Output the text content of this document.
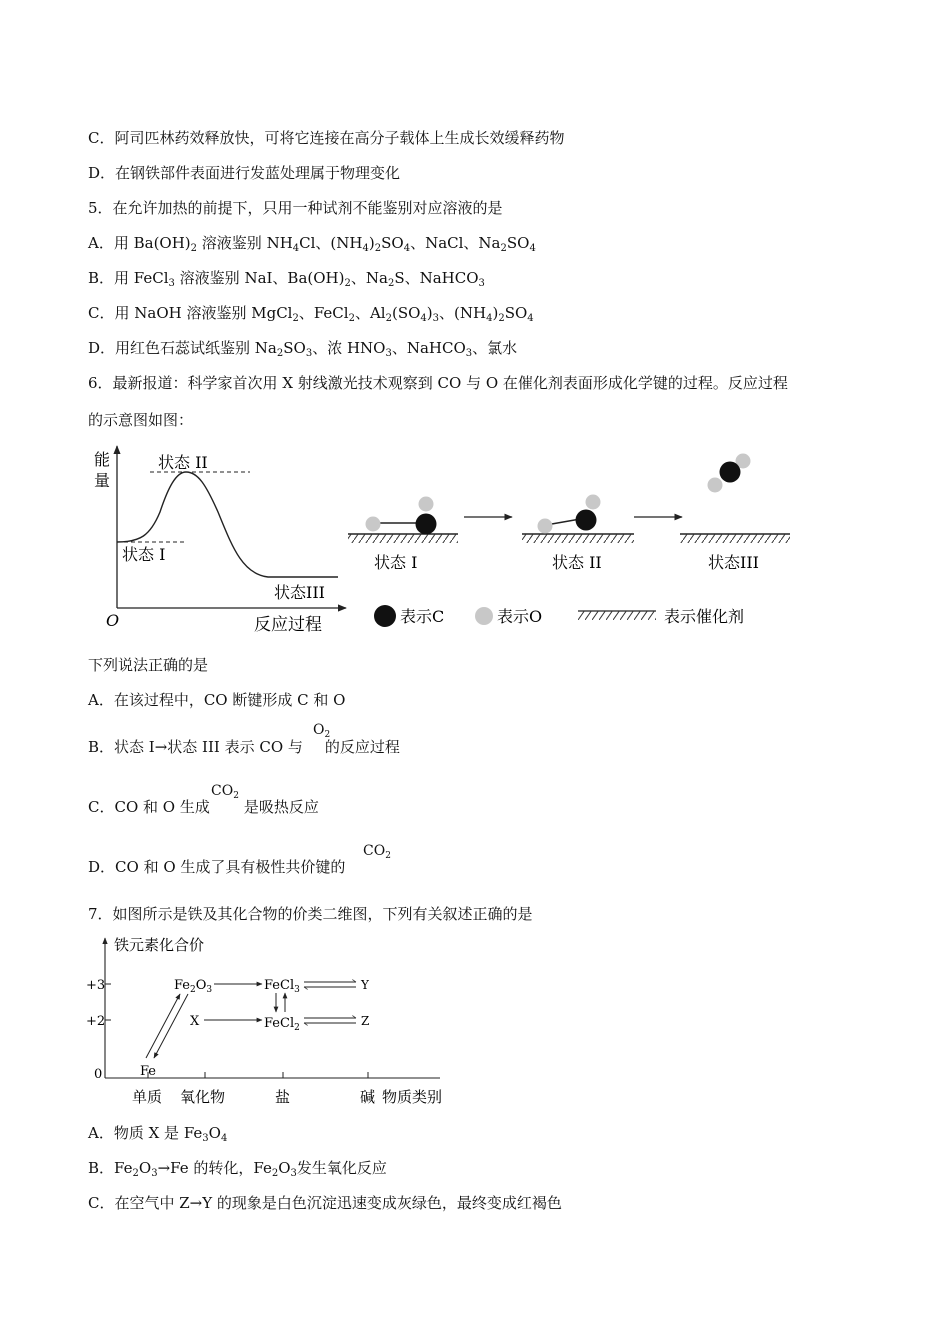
C．阿司匹林药效释放快，可将它连接在高分子载体上生成长效缓释药物
D．在钢铁部件表面进行发蓝处理属于物理变化
5．在允许加热的前提下，只用一种试剂不能鉴别对应溶液的是
A．用 $Ba(OH)_2$ 溶液鉴别 $NH_4Cl$、$(NH_4)_2SO_4$、NaCl、$Na_2SO_4$
B．用 FeCl$_3$ 溶液鉴别 NaI、$Ba(OH)_2$、$Na_2S$、NaHCO$_3$
C．用 NaOH 溶液鉴别 MgCl$_2$、FeCl$_2$、$Al_2(SO_4)_3$、$(NH_4)_2SO_4$
D．用红色石蕊试纸鉴别 $Na_2SO_3$、浓 $HNO_3$、NaHCO$_3$、氯水
6．最新报道：科学家首次用 X 射线激光技术观察到 CO 与 O 在催化剂表面形成化学键的过程。反应过程
的示意图如图：
能
量
O	反应过程
状态 II
状态 I
状态III
状态 I	状态 II	状态III
表示C	表示O	表示催化剂
下列说法正确的是
A．在该过程中，CO 断键形成 C 和 O
B．状态 I→状态 III 表示 CO 与 的反应过程
$O_2$
C．CO 和 O 生成 是吸热反应
$CO_2$
D．CO 和 O 生成了具有极性共价键的
$CO_2$
7．如图所示是铁及其化合物的价类二维图，下列有关叙述正确的是
铁元素化合价
+3
+2
0
单质 氧化物	盐	碱 物质类别
Fe
$Fe_2O_3$	FeCl$_3$
X	FeCl$_2$
Y
Z
A．物质 X 是 $Fe_3O_4$
B．$Fe_2O_3\to Fe$ 的转化，$Fe_2O_3$发生氧化反应
C．在空气中 Z→Y 的现象是白色沉淀迅速变成灰绿色，最终变成红褐色
